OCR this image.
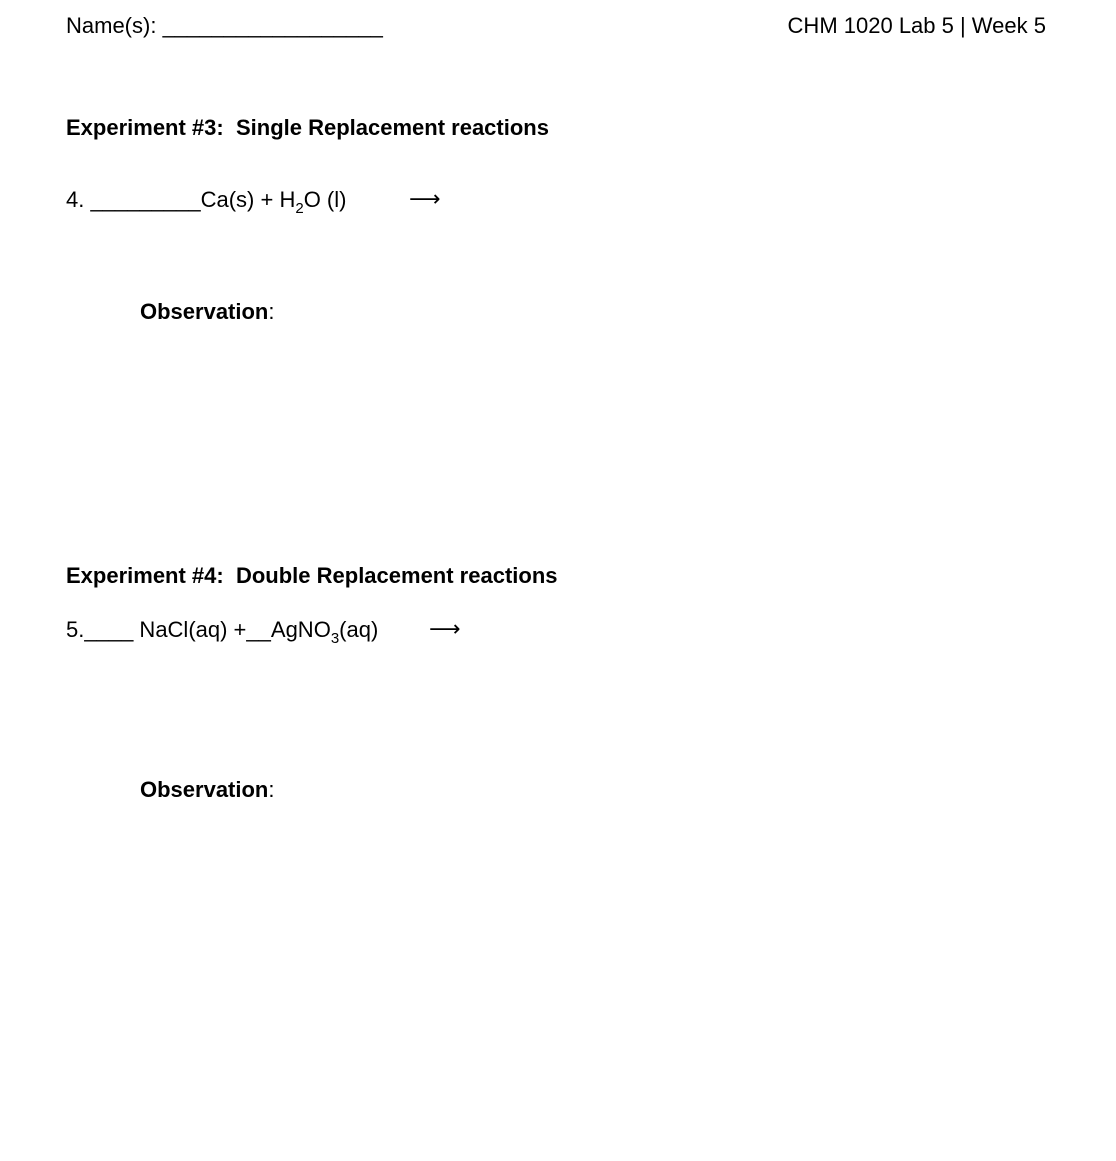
Name(s): __________________	CHM 1020 Lab 5 | Week 5
Experiment #3: Single Replacement reactions
4. _________Ca(s) + $H_2O$ (l)	⟶
Observation:
Experiment #4: Double Replacement reactions
5.____ NaCl(aq) +__AgNO$_3$(aq) ⟶
Observation:
